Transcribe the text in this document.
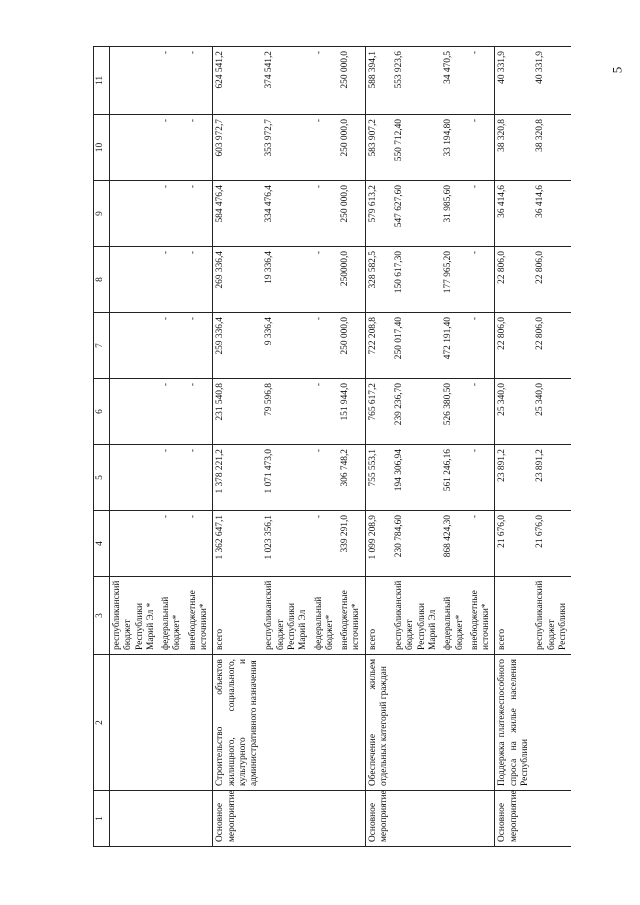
5
1	2	3	4	5	6	7	8	9	10	11
		республиканский бюджет Республики Марий Эл *								
		федеральный бюджет*	-	-	-	-	-	-	-	-
		внебюджетные источники*	-	-	-	-	-	-	-	-
Основное мероприятие	Строительство объектов жилищного, социального, культурного и административного назначения	всего	1 362 647,1	1 378 221,2	231 540,8	259 336,4	269 336,4	584 476,4	603 972,7	624 541,2
		республиканский бюджет Республики Марий Эл	1 023 356,1	1 071 473,0	79 596,8	9 336,4	19 336,4	334 476,4	353 972,7	374 541,2
		федеральный бюджет*	-	-	-	-	-	-	-	-
		внебюджетные источники*	339 291,0	306 748,2	151 944,0	250 000,0	250000,0	250 000,0	250 000,0	250 000,0
Основное мероприятие	Обеспечение жильем отдельных категорий граждан	всего	1 099 208,9	755 553,1	765 617,2	722 208,8	328 582,5	579 613,2	583 907,2	588 394,1
		республиканский бюджет Республики Марий Эл	230 784,60	194 306,94	239 236,70	250 017,40	150 617,30	547 627,60	550 712,40	553 923,6
		федеральный бюджет*	868 424,30	561 246,16	526 380,50	472 191,40	177 965,20	31 985,60	33 194,80	34 470,5
		внебюджетные источники*	-	-	-	-	-	-	-	-
Основное мероприятие	Поддержка платежеспособного спроса на жилье населения Республики	всего	21 676,0	23 891,2	25 340,0	22 806,0	22 806,0	36 414,6	38 320,8	40 331,9
		республиканский бюджет Республики	21 676,0	23 891,2	25 340,0	22 806,0	22 806,0	36 414,6	38 320,8	40 331,9
